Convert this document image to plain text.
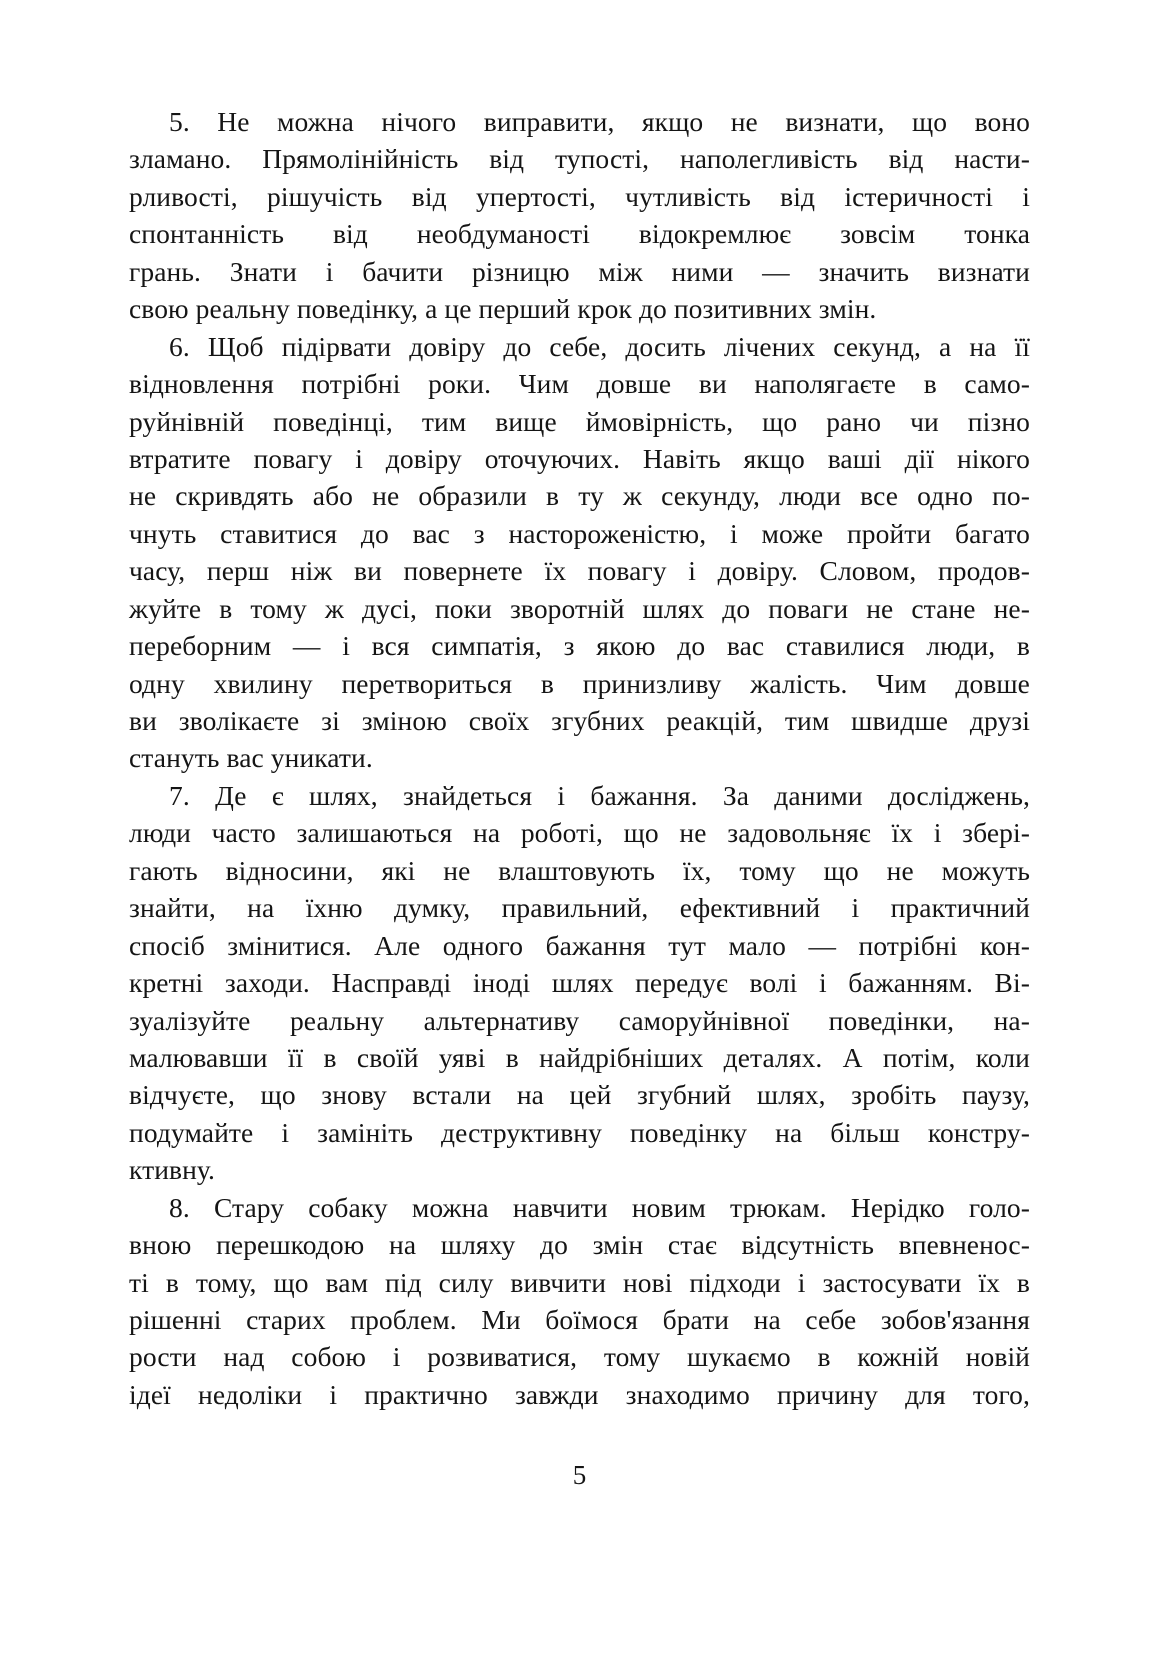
5. Не можна нічого виправити, якщо не визнати, що воно
зламано. Прямолінійність від тупості, наполегливість від насти-
рливості, рішучість від упертості, чутливість від істеричності і
спонтанність від необдуманості відокремлює зовсім тонка
грань. Знати і бачити різницю між ними — значить визнати
свою реальну поведінку, а це перший крок до позитивних змін.
6. Щоб підірвати довіру до себе, досить лічених секунд, а на її
відновлення потрібні роки. Чим довше ви наполягаєте в само-
руйнівній поведінці, тим вище ймовірність, що рано чи пізно
втратите повагу і довіру оточуючих. Навіть якщо ваші дії нікого
не скривдять або не образили в ту ж секунду, люди все одно по-
чнуть ставитися до вас з настороженістю, і може пройти багато
часу, перш ніж ви повернете їх повагу і довіру. Словом, продов-
жуйте в тому ж дусі, поки зворотній шлях до поваги не стане не-
переборним — і вся симпатія, з якою до вас ставилися люди, в
одну хвилину перетвориться в принизливу жалість. Чим довше
ви зволікаєте зі зміною своїх згубних реакцій, тим швидше друзі
стануть вас уникати.
7. Де є шлях, знайдеться і бажання. За даними досліджень,
люди часто залишаються на роботі, що не задовольняє їх і збері-
гають відносини, які не влаштовують їх, тому що не можуть
знайти, на їхню думку, правильний, ефективний і практичний
спосіб змінитися. Але одного бажання тут мало — потрібні кон-
кретні заходи. Насправді іноді шлях передує волі і бажанням. Ві-
зуалізуйте реальну альтернативу саморуйнівної поведінки, на-
малювавши її в своїй уяві в найдрібніших деталях. А потім, коли
відчуєте, що знову встали на цей згубний шлях, зробіть паузу,
подумайте і замініть деструктивну поведінку на більш констру-
ктивну.
8. Стару собаку можна навчити новим трюкам. Нерідко голо-
вною перешкодою на шляху до змін стає відсутність впевненос-
ті в тому, що вам під силу вивчити нові підходи і застосувати їх в
рішенні старих проблем. Ми боїмося брати на себе зобов'язання
рости над собою і розвиватися, тому шукаємо в кожній новій
ідеї недоліки і практично завжди знаходимо причину для того,
5
